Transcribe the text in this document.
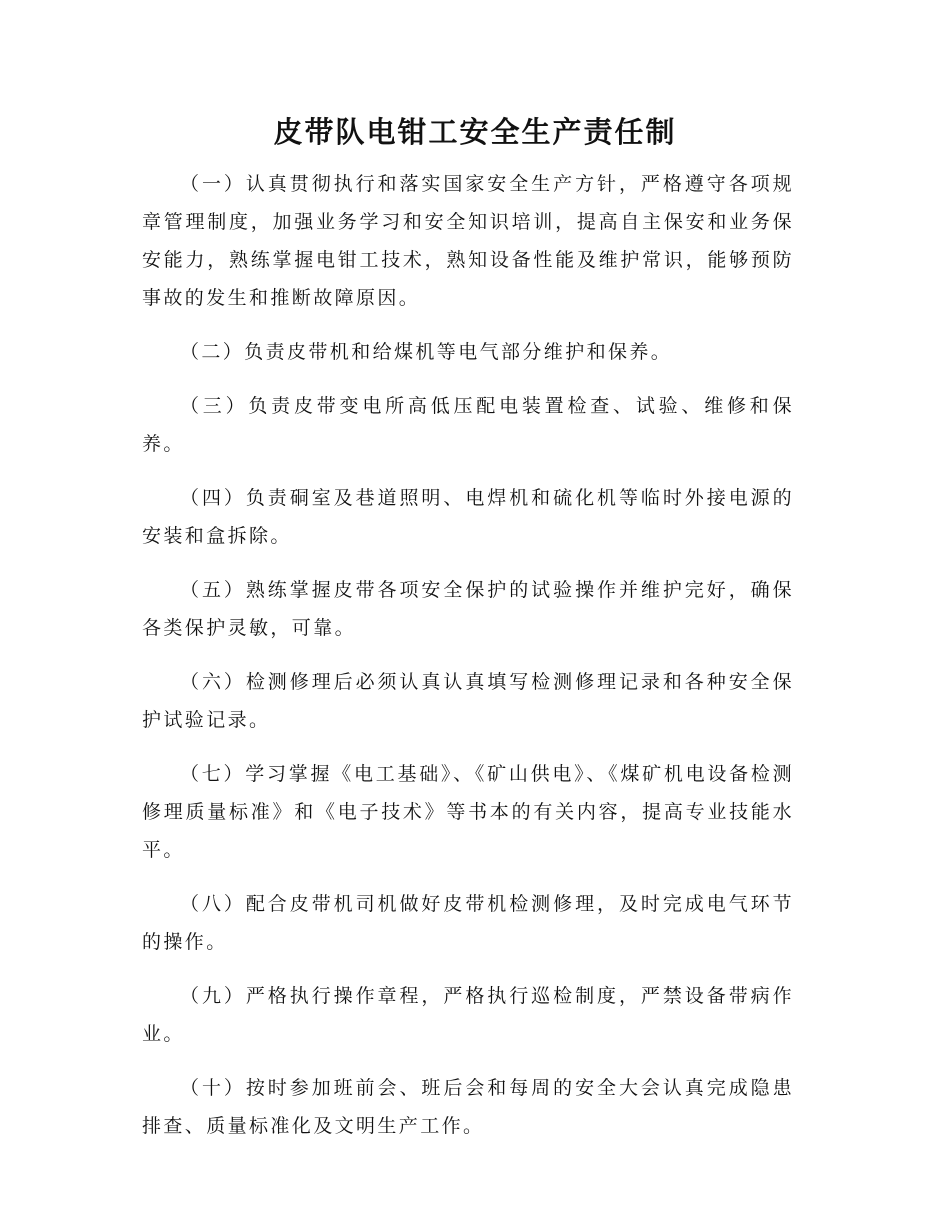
皮带队电钳工安全生产责任制

（一）认真贯彻执行和落实国家安全生产方针，严格遵守各项规章管理制度，加强业务学习和安全知识培训，提高自主保安和业务保安能力，熟练掌握电钳工技术，熟知设备性能及维护常识，能够预防事故的发生和推断故障原因。

（二）负责皮带机和给煤机等电气部分维护和保养。

（三）负责皮带变电所高低压配电装置检查、试验、维修和保养。

（四）负责硐室及巷道照明、电焊机和硫化机等临时外接电源的安装和盒拆除。

（五）熟练掌握皮带各项安全保护的试验操作并维护完好，确保各类保护灵敏，可靠。

（六）检测修理后必须认真认真填写检测修理记录和各种安全保护试验记录。

（七）学习掌握《电工基础》、《矿山供电》、《煤矿机电设备检测修理质量标准》和《电子技术》等书本的有关内容，提高专业技能水平。

（八）配合皮带机司机做好皮带机检测修理，及时完成电气环节的操作。

（九）严格执行操作章程，严格执行巡检制度，严禁设备带病作业。

（十）按时参加班前会、班后会和每周的安全大会认真完成隐患排查、质量标准化及文明生产工作。
